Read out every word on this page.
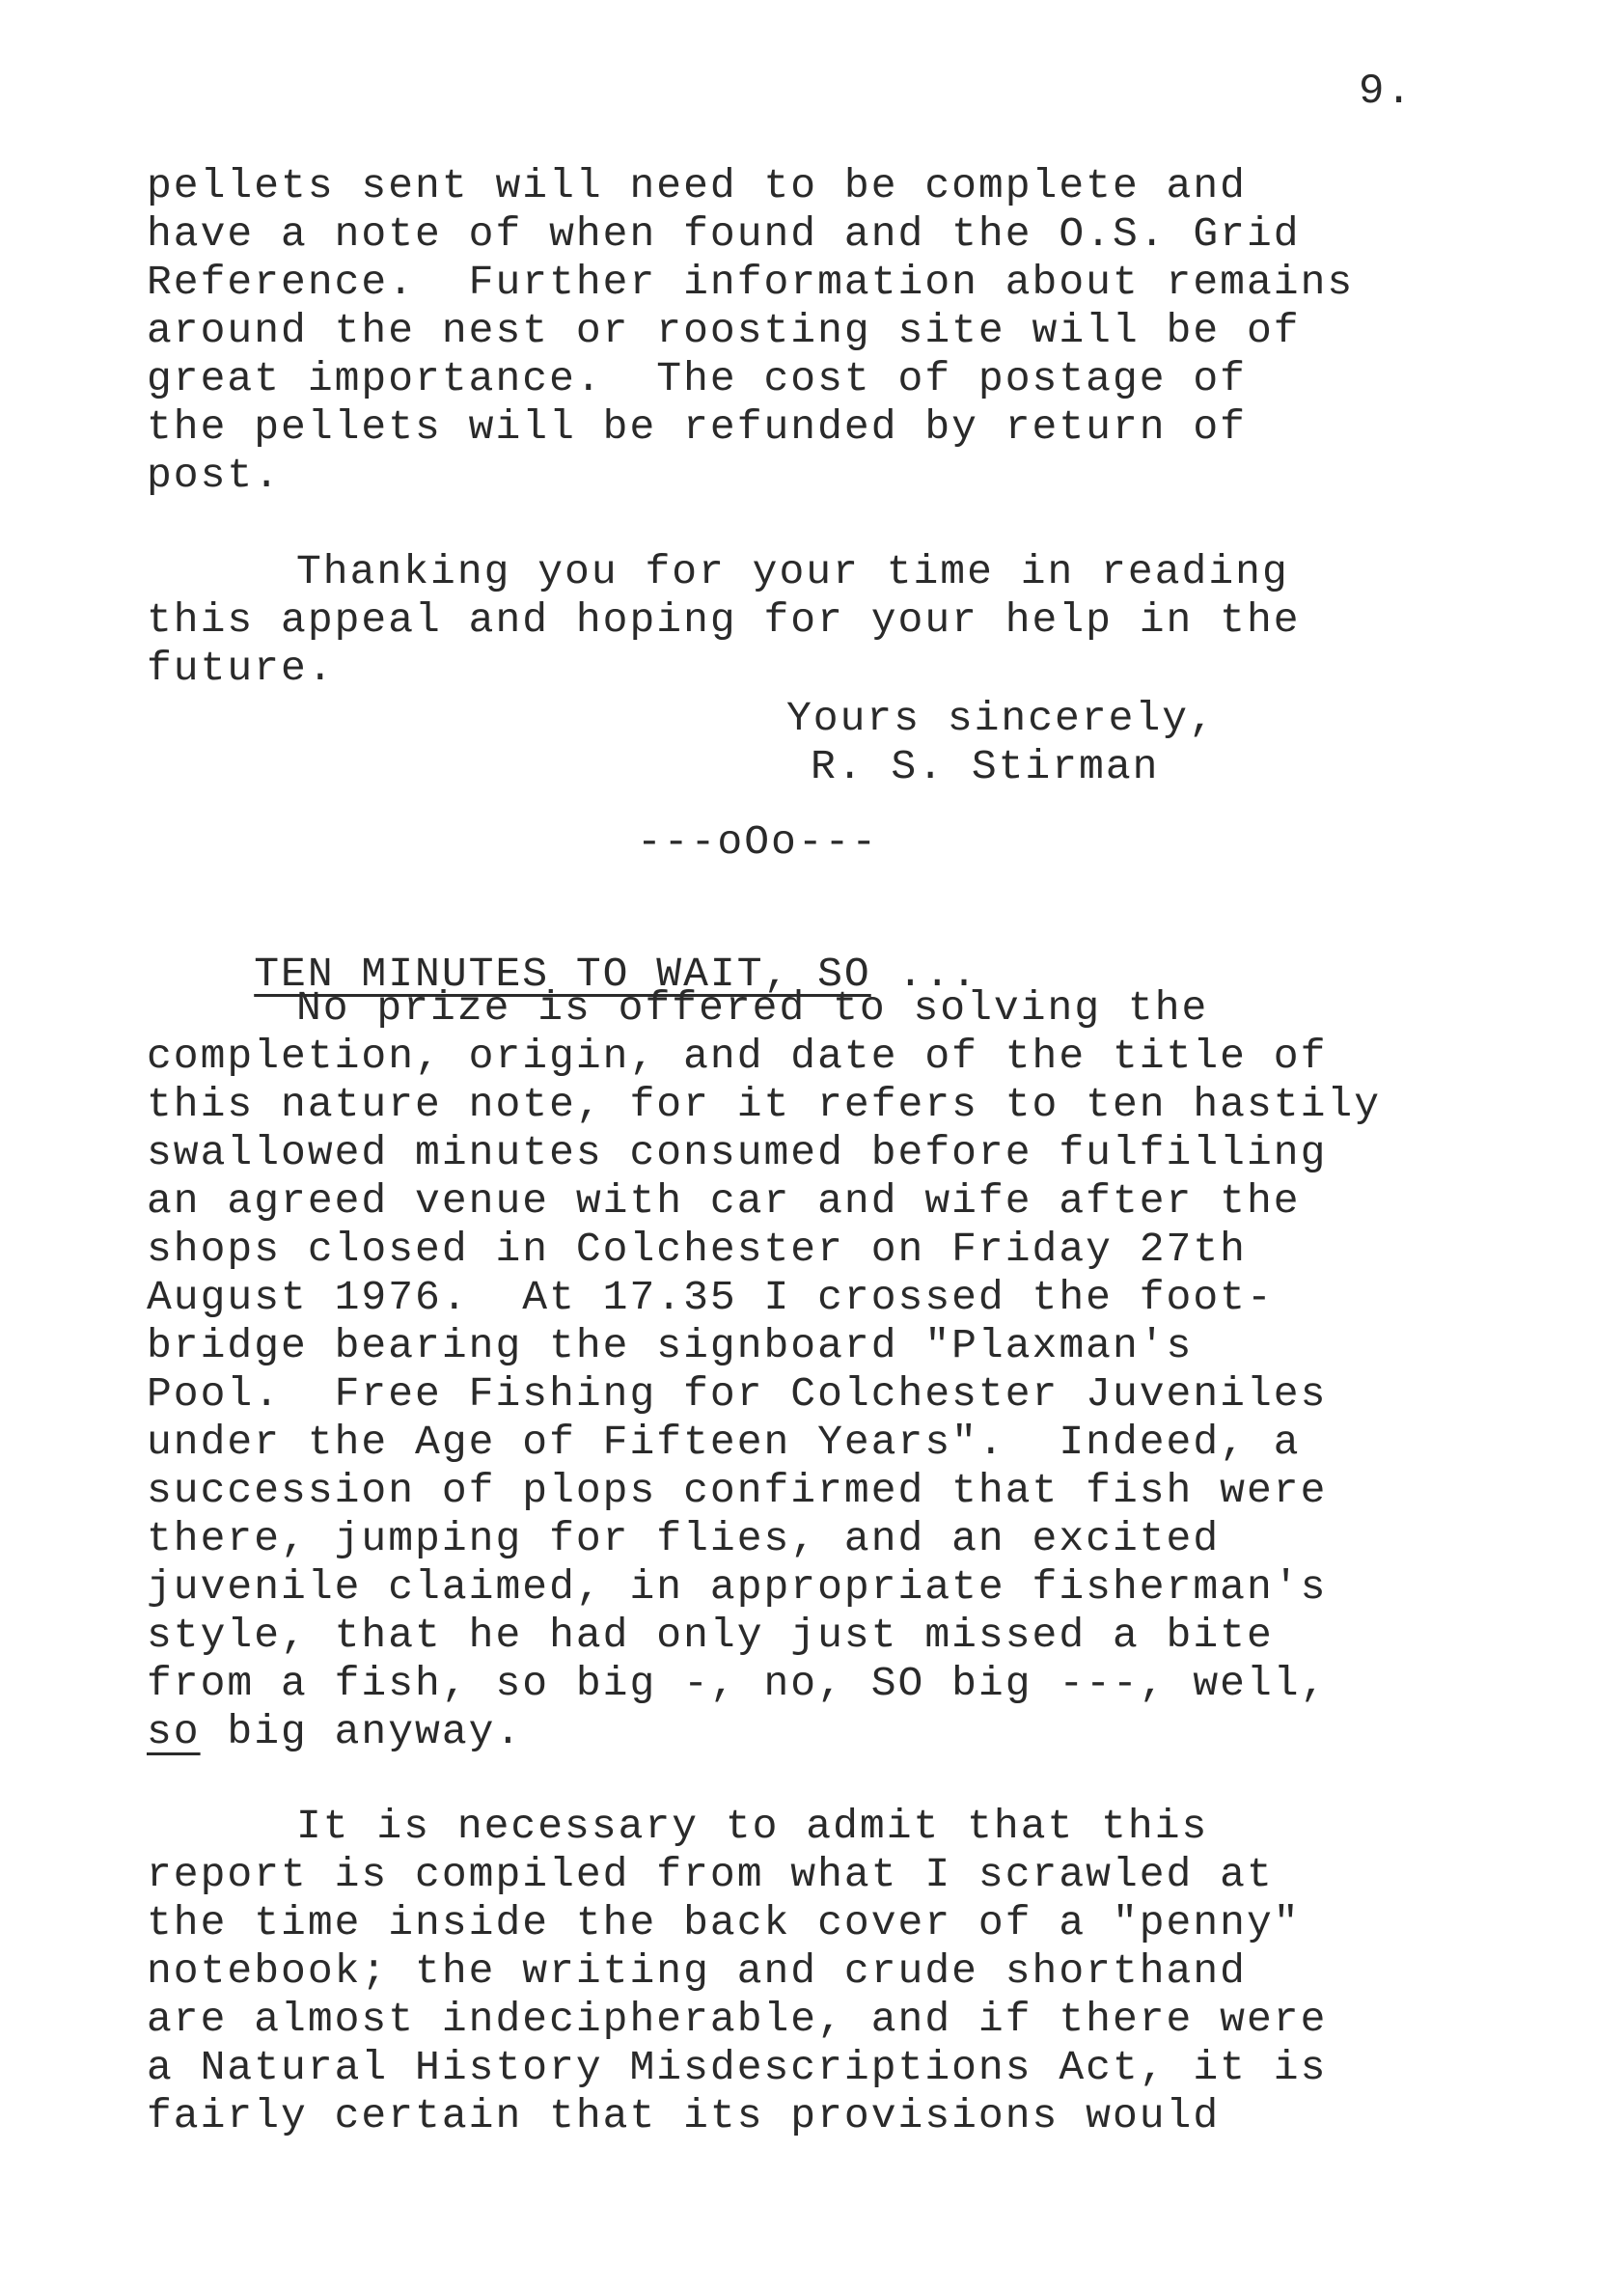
9.
pellets sent will need to be complete and
have a note of when found and the O.S. Grid
Reference.  Further information about remains
around the nest or roosting site will be of
great importance.  The cost of postage of
the pellets will be refunded by return of
post.
Thanking you for your time in reading
this appeal and hoping for your help in the
future.
Yours sincerely,
R. S. Stirman
---oOo---

TEN MINUTES TO WAIT, SO ...

No prize is offered to solving the
completion, origin, and date of the title of
this nature note, for it refers to ten hastily
swallowed minutes consumed before fulfilling
an agreed venue with car and wife after the
shops closed in Colchester on Friday 27th
August 1976.  At 17.35 I crossed the foot-
bridge bearing the signboard "Plaxman's
Pool.  Free Fishing for Colchester Juveniles
under the Age of Fifteen Years".  Indeed, a
succession of plops confirmed that fish were
there, jumping for flies, and an excited
juvenile claimed, in appropriate fisherman's
style, that he had only just missed a bite
from a fish, so big -, no, SO big ---, well,
so big anyway.
It is necessary to admit that this
report is compiled from what I scrawled at
the time inside the back cover of a "penny"
notebook; the writing and crude shorthand
are almost indecipherable, and if there were
a Natural History Misdescriptions Act, it is
fairly certain that its provisions would
